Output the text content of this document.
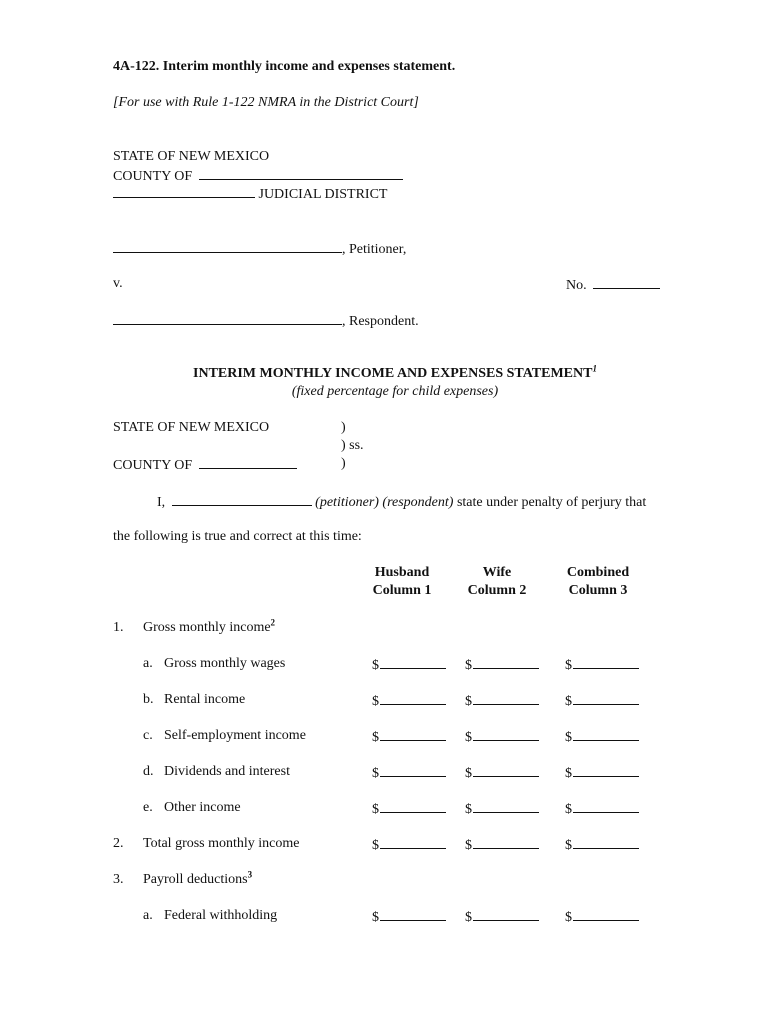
4A-122. Interim monthly income and expenses statement.
[For use with Rule 1-122 NMRA in the District Court]
STATE OF NEW MEXICO
COUNTY OF
JUDICIAL DISTRICT
, Petitioner,
v.	No.
, Respondent.
INTERIM MONTHLY INCOME AND EXPENSES STATEMENT$^1$
(fixed percentage for child expenses)
STATE OF NEW MEXICO	)
) ss.
COUNTY OF	)
I,	(petitioner) (respondent) state under penalty of perjury that
the following is true and correct at this time:
Husband
Column 1
Wife
Column 2
Combined
Column 3
1. Gross monthly income$^2$
a. Gross monthly wages	$	$	$
b. Rental income	$	$	$
c. Self-employment income	$	$	$
d. Dividends and interest	$	$	$
e. Other income	$	$	$
2. Total gross monthly income	$	$	$
3. Payroll deductions$^3$
a. Federal withholding	$	$	$
